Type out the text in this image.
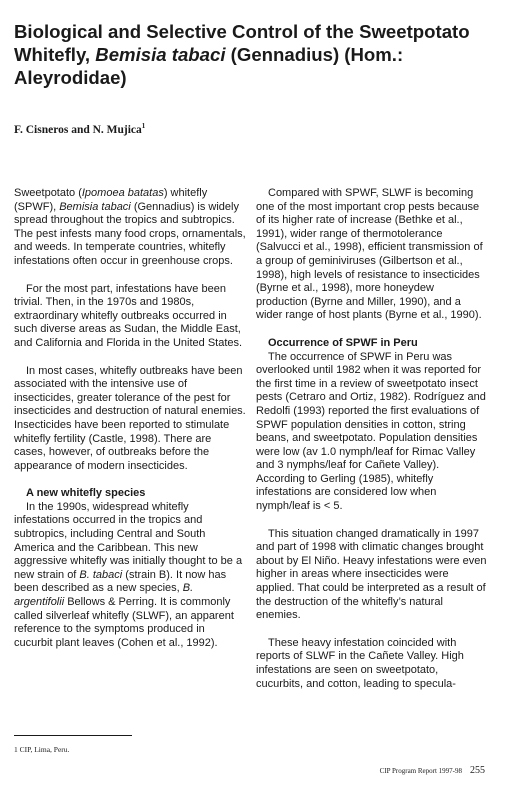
Biological and Selective Control of the Sweetpotato Whitefly, Bemisia tabaci (Gennadius) (Hom.: Aleyrodidae)
F. Cisneros and N. Mujica$^1$

Sweetpotato (Ipomoea batatas) whitefly (SPWF), Bemisia tabaci (Gennadius) is widely spread throughout the tropics and subtropics. The pest infests many food crops, ornamentals, and weeds. In temperate countries, whitefly infestations often occur in greenhouse crops.

For the most part, infestations have been trivial. Then, in the 1970s and 1980s, extraordinary whitefly outbreaks occurred in such diverse areas as Sudan, the Middle East, and California and Florida in the United States.

In most cases, whitefly outbreaks have been associated with the intensive use of insecticides, greater tolerance of the pest for insecticides and destruction of natural enemies. Insecticides have been reported to stimulate whitefly fertility (Castle, 1998). There are cases, however, of outbreaks before the appearance of modern insecticides.

A new whitefly species

In the 1990s, widespread whitefly infestations occurred in the tropics and subtropics, including Central and South America and the Caribbean. This new aggressive whitefly was initially thought to be a new strain of B. tabaci (strain B). It now has been described as a new species, B. argentifolii Bellows & Perring. It is commonly called silverleaf whitefly (SLWF), an apparent reference to the symptoms produced in cucurbit plant leaves (Cohen et al., 1992).

Compared with SPWF, SLWF is becoming one of the most important crop pests because of its higher rate of increase (Bethke et al., 1991), wider range of thermotolerance (Salvucci et al., 1998), efficient transmission of a group of geminiviruses (Gilbertson et al., 1998), high levels of resistance to insecticides (Byrne et al., 1998), more honeydew production (Byrne and Miller, 1990), and a wider range of host plants (Byrne et al., 1990).

Occurrence of SPWF in Peru

The occurrence of SPWF in Peru was overlooked until 1982 when it was reported for the first time in a review of sweetpotato insect pests (Cetraro and Ortiz, 1982). Rodríguez and Redolfi (1993) reported the first evaluations of SPWF population densities in cotton, string beans, and sweetpotato. Population densities were low (av 1.0 nymph/leaf for Rimac Valley and 3 nymphs/leaf for Cañete Valley). According to Gerling (1985), whitefly infestations are considered low when nymph/leaf is < 5.

This situation changed dramatically in 1997 and part of 1998 with climatic changes brought about by El Niño. Heavy infestations were even higher in areas where insecticides were applied. That could be interpreted as a result of the destruction of the whitefly’s natural enemies.

These heavy infestation coincided with reports of SLWF in the Cañete Valley. High infestations are seen on sweetpotato, cucurbits, and cotton, leading to specula-

1 CIP, Lima, Peru.
CIP Program Report 1997-98 255
